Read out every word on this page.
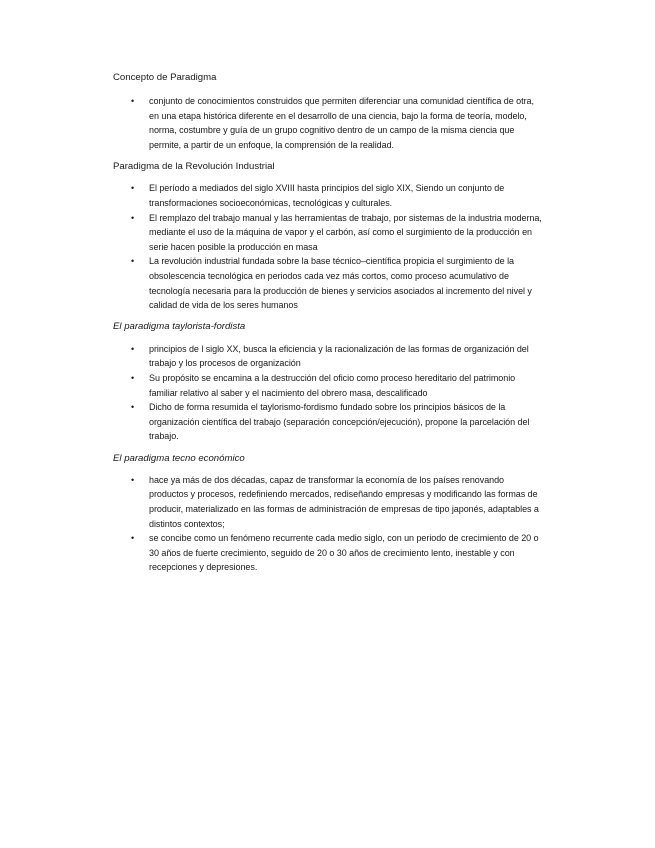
Concepto de Paradigma

• conjunto de conocimientos construidos que permiten diferenciar una comunidad científica de otra, en una etapa histórica diferente en el desarrollo de una ciencia, bajo la forma de teoría, modelo, norma, costumbre y guía de un grupo cognitivo dentro de un campo de la misma ciencia que permite, a partir de un enfoque, la comprensión de la realidad.

Paradigma de la Revolución Industrial

• El período a mediados del siglo XVIII hasta principios del siglo XIX, Siendo un conjunto de transformaciones socioeconómicas, tecnológicas y culturales.
• El remplazo del trabajo manual y las herramientas de trabajo, por sistemas de la industria moderna, mediante el uso de la máquina de vapor y el carbón, así como el surgimiento de la producción en serie hacen posible la producción en masa
• La revolución industrial fundada sobre la base técnico–científica propicia el surgimiento de la obsolescencia tecnológica en periodos cada vez más cortos, como proceso acumulativo de tecnología necesaria para la producción de bienes y servicios asociados al incremento del nivel y calidad de vida de los seres humanos

El paradigma taylorista-fordista

• principios de l siglo XX, busca la eficiencia y la racionalización de las formas de organización del trabajo y los procesos de organización
• Su propósito se encamina a la destrucción del oficio como proceso hereditario del patrimonio familiar relativo al saber y el nacimiento del obrero masa, descalificado
• Dicho de forma resumida el taylorismo-fordismo fundado sobre los principios básicos de la organización científica del trabajo (separación concepción/ejecución), propone la parcelación del trabajo.

El paradigma tecno económico

• hace ya más de dos décadas, capaz de transformar la economía de los países renovando productos y procesos, redefiniendo mercados, rediseñando empresas y modificando las formas de producir, materializado en las formas de administración de empresas de tipo japonés, adaptables a distintos contextos;
• se concibe como un fenómeno recurrente cada medio siglo, con un periodo de crecimiento de 20 o 30 años de fuerte crecimiento, seguido de 20 o 30 años de crecimiento lento, inestable y con recepciones y depresiones.
